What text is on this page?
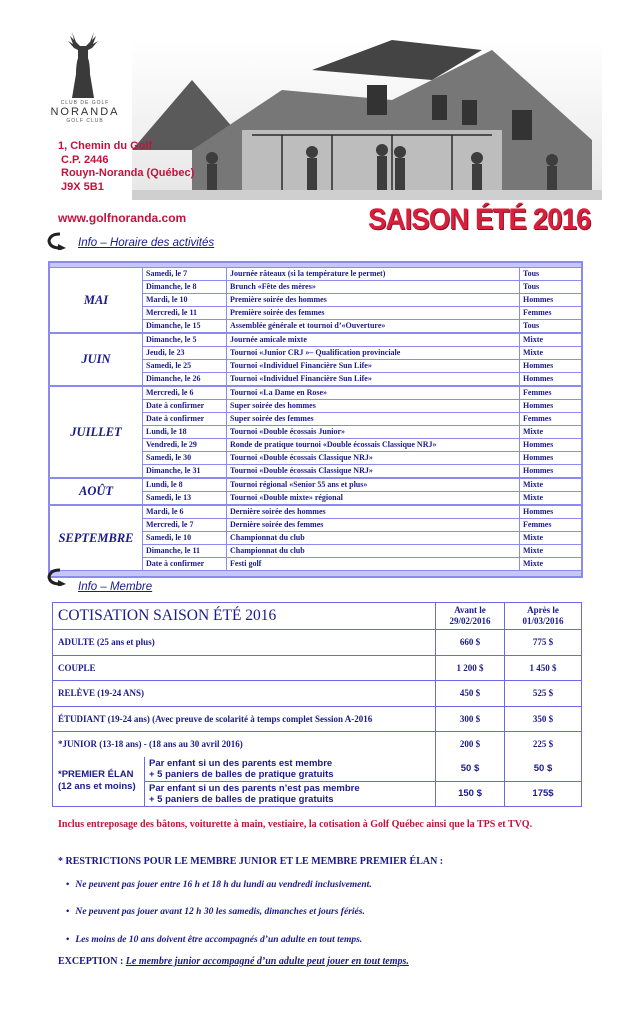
CLUB DE GOLF
NORANDA
GOLF CLUB
1, Chemin du Golf
C.P. 2446
Rouyn-Noranda (Québec)
J9X 5B1
www.golfnoranda.com	SAISON ÉTÉ 2016
Info – Horaire des activités
MAI
Samedi, le 7	Journée râteaux (si la température le permet)	Tous
Dimanche, le 8	Brunch «Fête des mères»	Tous
Mardi, le 10	Première soirée des hommes	Hommes
Mercredi, le 11	Première soirée des femmes	Femmes
Dimanche, le 15	Assemblée générale et tournoi d’«Ouverture»	Tous
JUIN
Dimanche, le 5	Journée amicale mixte	Mixte
Jeudi, le 23	Tournoi «Junior CRJ »– Qualification provinciale	Mixte
Samedi, le 25	Tournoi «Individuel Financière Sun Life»	Hommes
Dimanche, le 26	Tournoi «Individuel Financière Sun Life»	Hommes
JUILLET
Mercredi, le 6	Tournoi «La Dame en Rose»	Femmes
Date à confirmer	Super soirée des hommes	Hommes
Date à confirmer	Super soirée des femmes	Femmes
Lundi, le 18	Tournoi «Double écossais Junior»	Mixte
Vendredi, le 29	Ronde de pratique tournoi «Double écossais Classique NRJ»	Hommes
Samedi, le 30	Tournoi «Double écossais Classique NRJ»	Hommes
Dimanche, le 31	Tournoi «Double écossais Classique NRJ»	Hommes
AOÛT	Lundi, le 8	Tournoi régional «Senior 55 ans et plus»	Mixte
Samedi, le 13	Tournoi «Double mixte» régional	Mixte
SEPTEMBRE
Mardi, le 6	Dernière soirée des hommes	Hommes
Mercredi, le 7	Dernière soirée des femmes	Femmes
Samedi, le 10	Championnat du club	Mixte
Dimanche, le 11	Championnat du club	Mixte
Date à confirmer	Festi golf	Mixte
Info – Membre
COTISATION SAISON ÉTÉ 2016	Avant le
29/02/2016
Après le
01/03/2016
ADULTE (25 ans et plus)	660 $	775 $
COUPLE	1 200 $	1 450 $
RELÈVE (19-24 ANS)	450 $	525 $
ÉTUDIANT (19-24 ans) (Avec preuve de scolarité à temps complet Session A-2016	300 $	350 $
*JUNIOR (13-18 ans) - (18 ans au 30 avril 2016)	200 $	225 $
*PREMIER ÉLAN
(12 ans et moins)
Par enfant si un des parents est membre
+ 5 paniers de balles de pratique gratuits	50 $	50 $
Par enfant si un des parents n’est pas membre
+ 5 paniers de balles de pratique gratuits	150 $	175$
Inclus entreposage des bâtons, voiturette à main, vestiaire, la cotisation à Golf Québec ainsi que la TPS et TVQ.
* RESTRICTIONS POUR LE MEMBRE JUNIOR ET LE MEMBRE PREMIER ÉLAN :
• Ne peuvent pas jouer entre 16 h et 18 h du lundi au vendredi inclusivement.
• Ne peuvent pas jouer avant 12 h 30 les samedis, dimanches et jours fériés.
• Les moins de 10 ans doivent être accompagnés d’un adulte en tout temps.
EXCEPTION : Le membre junior accompagné d’un adulte peut jouer en tout temps.
